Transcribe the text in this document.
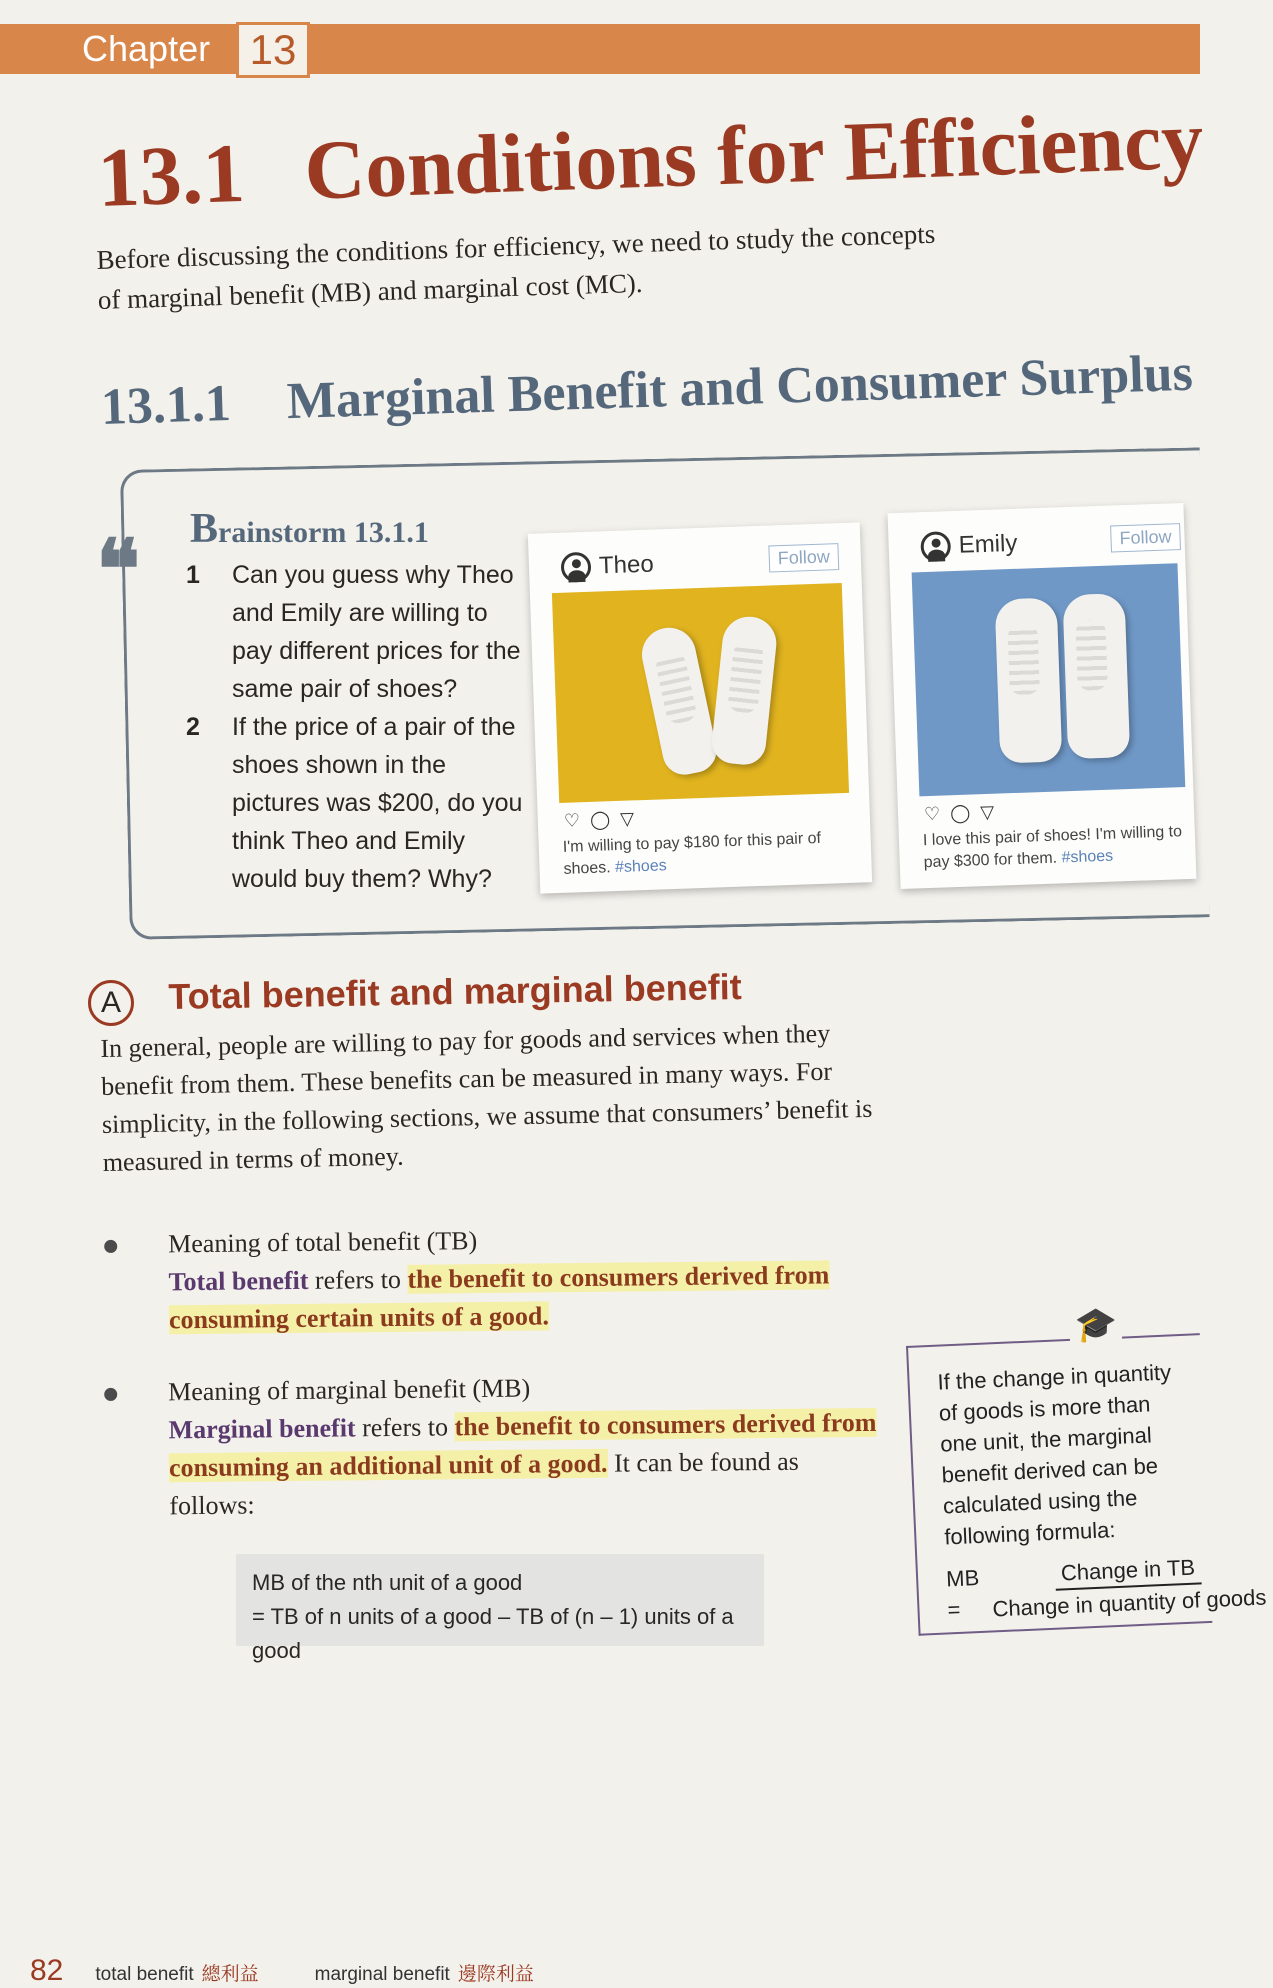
Chapter 13
13.1 Conditions for Efficiency
Before discussing the conditions for efficiency, we need to study the concepts of marginal benefit (MB) and marginal cost (MC).
13.1.1 Marginal Benefit and Consumer Surplus
❝ Brainstorm 13.1.1
1	Can you guess why Theo and Emily are willing to pay different prices for the same pair of shoes?
2	If the price of a pair of the shoes shown in the pictures was $200, do you think Theo and Emily would buy them? Why?
Theo	Follow
♡ ◯ ▽
I'm willing to pay $180 for this pair of shoes. #shoes
Emily	Follow
♡ ◯ ▽
I love this pair of shoes! I'm willing to pay $300 for them. #shoes
A	Total benefit and marginal benefit
In general, people are willing to pay for goods and services when they benefit from them. These benefits can be measured in many ways. For simplicity, in the following sections, we assume that consumers’ benefit is measured in terms of money.
Meaning of total benefit (TB)
Total benefit refers to the benefit to consumers derived from consuming certain units of a good.
Meaning of marginal benefit (MB)
Marginal benefit refers to the benefit to consumers derived from consuming an additional unit of a good. It can be found as follows:
MB of the nth unit of a good
= TB of n units of a good – TB of (n – 1) units of a good
If the change in quantity of goods is more than one unit, the marginal benefit derived can be calculated using the following formula:
MB =	$\frac{\text{Change in TB}}{\text{Change in quantity of goods}}$
🎓
82 total benefit 總利益	marginal benefit 邊際利益
